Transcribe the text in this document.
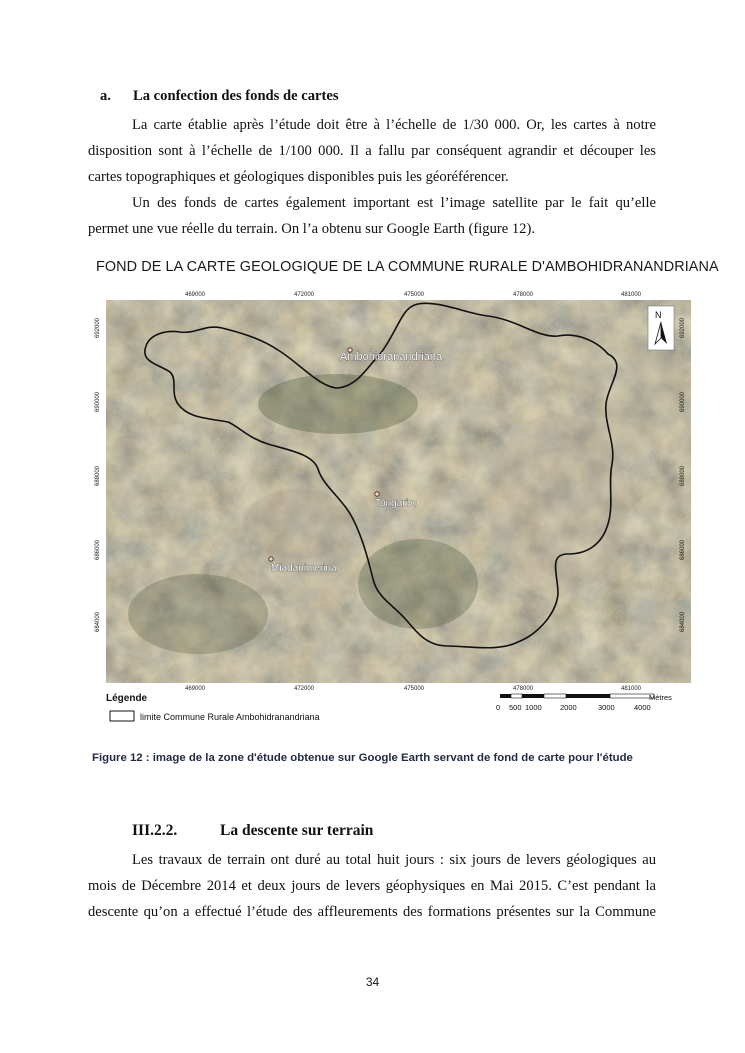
a. La confection des fonds de cartes
La carte établie après l’étude doit être à l’échelle de 1/30 000. Or, les cartes à notre
disposition sont à l’échelle de 1/100 000. Il a fallu par conséquent agrandir et découper les
cartes topographiques et géologiques disponibles puis les géoréférencer.
Un des fonds de cartes également important est l’image satellite par le fait qu’elle
permet une vue réelle du terrain. On l’a obtenu sur Google Earth (figure 12).
FOND DE LA CARTE GEOLOGIQUE DE LA COMMUNE RURALE D'AMBOHIDRANANDRIANA
Ambohidranandriana
Tongarivo
Miadanimerina
N
469000	472000	475000	478000	481000
469000	472000	475000	478000	481000
692000
690000
688000
686000
684000
692000
690000
688000
686000
684000
Légende
limite Commune Rurale Ambohidranandriana
Mètres
0 500 1000 2000	3000	4000
Figure 12 : image de la zone d'étude obtenue sur Google Earth servant de fond de carte pour l'étude
III.2.2.	La descente sur terrain
Les travaux de terrain ont duré au total huit jours : six jours de levers géologiques au
mois de Décembre 2014 et deux jours de levers géophysiques en Mai 2015. C’est pendant la
descente qu’on a effectué l’étude des affleurements des formations présentes sur la Commune
34
